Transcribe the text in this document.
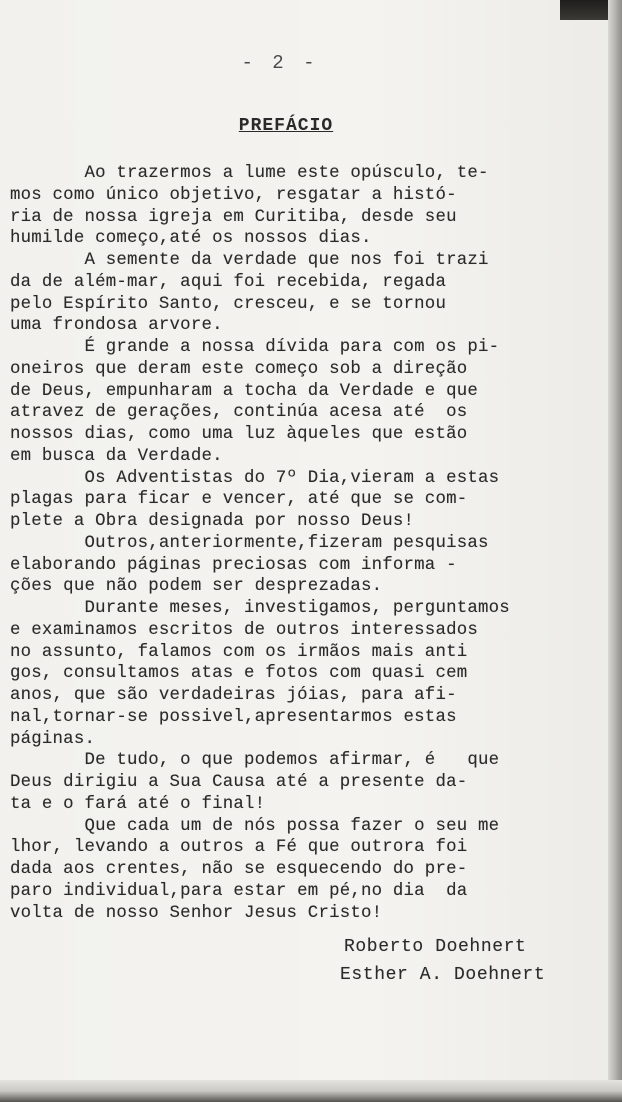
- 2 -
PREFÁCIO
Ao trazermos a lume este opúsculo, te-
mos como único objetivo, resgatar a histó-
ria de nossa igreja em Curitiba, desde seu
humilde começo,até os nossos dias.
A semente da verdade que nos foi trazi
da de além-mar, aqui foi recebida, regada
pelo Espírito Santo, cresceu, e se tornou
uma frondosa arvore.
É grande a nossa dívida para com os pi-
oneiros que deram este começo sob a direção
de Deus, empunharam a tocha da Verdade e que
atravez de gerações, continúa acesa até  os
nossos dias, como uma luz àqueles que estão
em busca da Verdade.
Os Adventistas do 7º Dia,vieram a estas
plagas para ficar e vencer, até que se com-
plete a Obra designada por nosso Deus!
Outros,anteriormente,fizeram pesquisas
elaborando páginas preciosas com informa -
ções que não podem ser desprezadas.
Durante meses, investigamos, perguntamos
e examinamos escritos de outros interessados
no assunto, falamos com os irmãos mais anti
gos, consultamos atas e fotos com quasi cem
anos, que são verdadeiras jóias, para afi-
nal,tornar-se possivel,apresentarmos estas
páginas.
De tudo, o que podemos afirmar, é   que
Deus dirigiu a Sua Causa até a presente da-
ta e o fará até o final!
Que cada um de nós possa fazer o seu me
lhor, levando a outros a Fé que outrora foi
dada aos crentes, não se esquecendo do pre-
paro individual,para estar em pé,no dia  da
volta de nosso Senhor Jesus Cristo!
Roberto Doehnert
Esther A. Doehnert
